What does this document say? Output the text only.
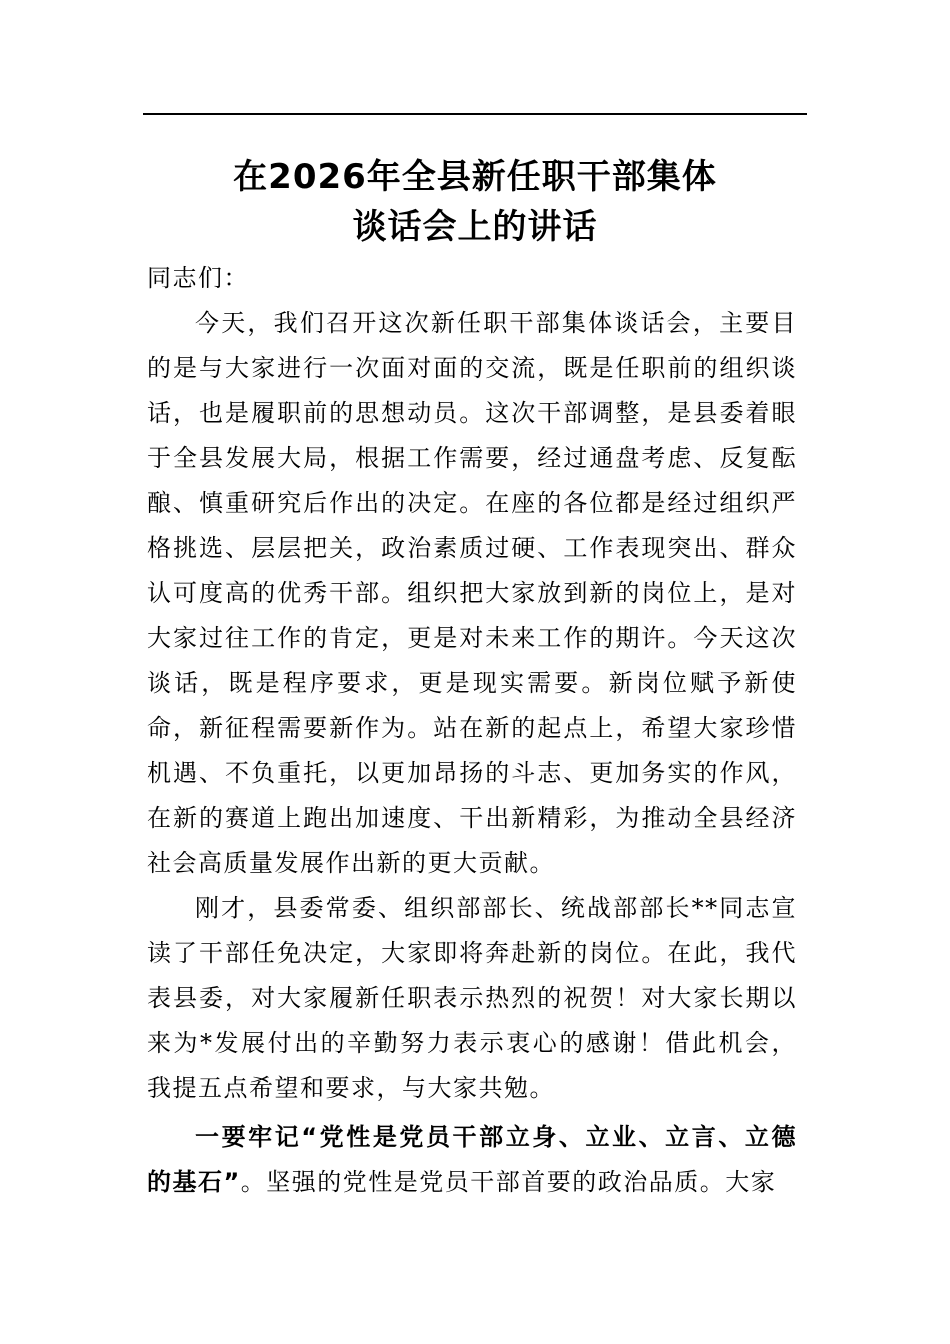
在2026年全县新任职干部集体
谈话会上的讲话

同志们：

今天，我们召开这次新任职干部集体谈话会，主要目的是与大家进行一次面对面的交流，既是任职前的组织谈话，也是履职前的思想动员。这次干部调整，是县委着眼于全县发展大局，根据工作需要，经过通盘考虑、反复酝酿、慎重研究后作出的决定。在座的各位都是经过组织严格挑选、层层把关，政治素质过硬、工作表现突出、群众认可度高的优秀干部。组织把大家放到新的岗位上，是对大家过往工作的肯定，更是对未来工作的期许。今天这次谈话，既是程序要求，更是现实需要。新岗位赋予新使命，新征程需要新作为。站在新的起点上，希望大家珍惜机遇、不负重托，以更加昂扬的斗志、更加务实的作风，在新的赛道上跑出加速度、干出新精彩，为推动全县经济社会高质量发展作出新的更大贡献。

刚才，县委常委、组织部部长、统战部部长**同志宣读了干部任免决定，大家即将奔赴新的岗位。在此，我代表县委，对大家履新任职表示热烈的祝贺！对大家长期以来为*发展付出的辛勤努力表示衷心的感谢！借此机会，我提五点希望和要求，与大家共勉。

一要牢记“党性是党员干部立身、立业、立言、立德的基石”。坚强的党性是党员干部首要的政治品质。大家
